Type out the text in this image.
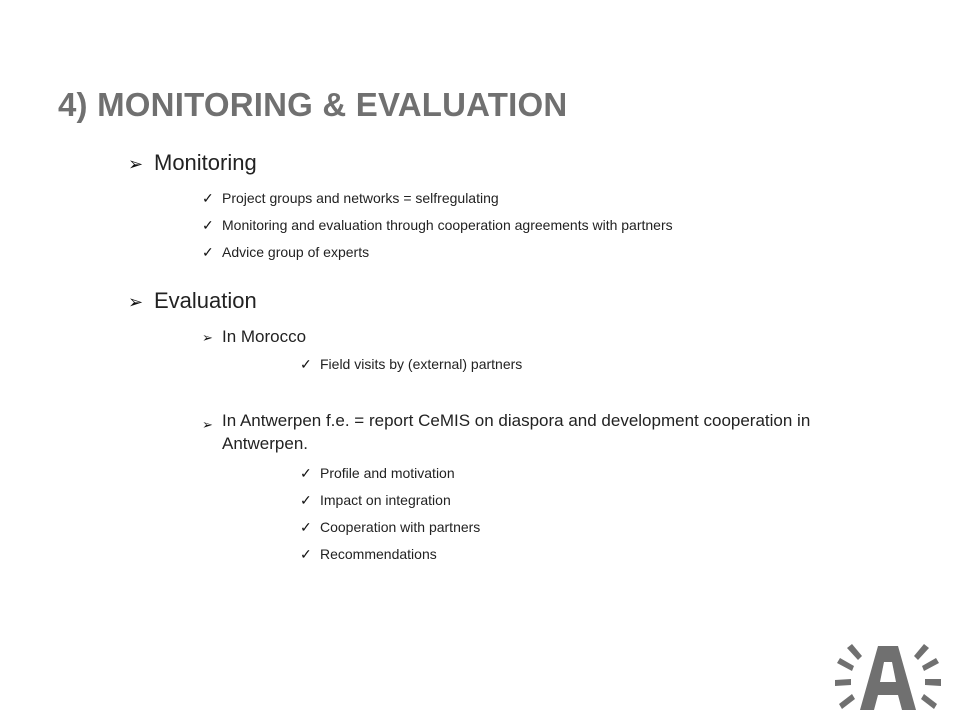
4) MONITORING & EVALUATION
➢ Monitoring
✓ Project groups and networks = selfregulating
✓ Monitoring and evaluation through cooperation agreements with partners
✓ Advice group of experts
➢ Evaluation
➢ In Morocco
✓ Field visits by (external) partners
➢ In Antwerpen f.e. = report CeMIS on diaspora and development cooperation in Antwerpen.
✓ Profile and motivation
✓ Impact on integration
✓ Cooperation with partners
✓ Recommendations
